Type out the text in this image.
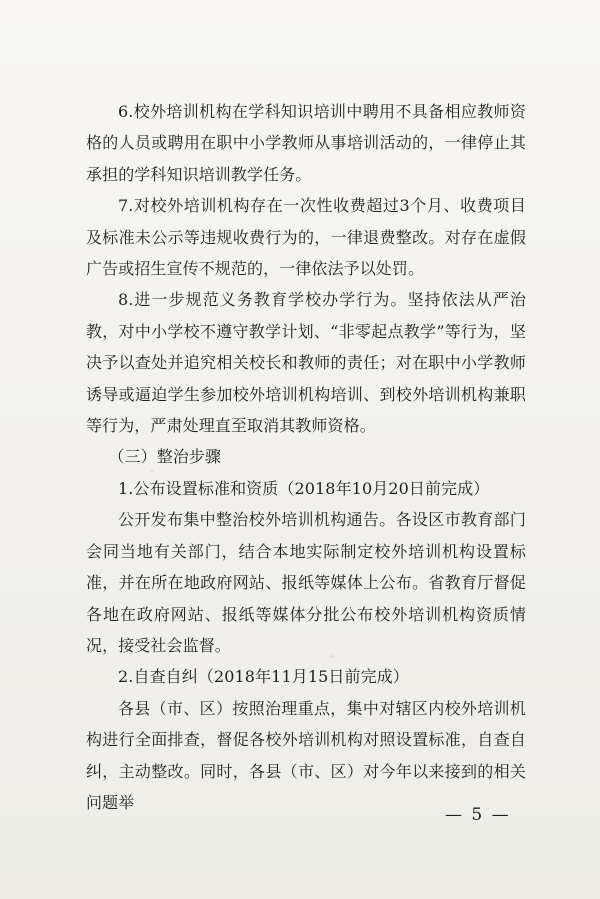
6.校外培训机构在学科知识培训中聘用不具备相应教师资格的人员或聘用在职中小学教师从事培训活动的，一律停止其承担的学科知识培训教学任务。

7.对校外培训机构存在一次性收费超过3个月、收费项目及标准未公示等违规收费行为的，一律退费整改。对存在虚假广告或招生宣传不规范的，一律依法予以处罚。

8.进一步规范义务教育学校办学行为。坚持依法从严治教，对中小学校不遵守教学计划、“非零起点教学”等行为，坚决予以查处并追究相关校长和教师的责任；对在职中小学教师诱导或逼迫学生参加校外培训机构培训、到校外培训机构兼职等行为，严肃处理直至取消其教师资格。

（三）整治步骤

1.公布设置标准和资质（2018年10月20日前完成）

公开发布集中整治校外培训机构通告。各设区市教育部门会同当地有关部门，结合本地实际制定校外培训机构设置标准，并在所在地政府网站、报纸等媒体上公布。省教育厅督促各地在政府网站、报纸等媒体分批公布校外培训机构资质情况，接受社会监督。

2.自查自纠（2018年11月15日前完成）

各县（市、区）按照治理重点，集中对辖区内校外培训机构进行全面排查，督促各校外培训机构对照设置标准，自查自纠，主动整改。同时，各县（市、区）对今年以来接到的相关问题举

— 5 —
